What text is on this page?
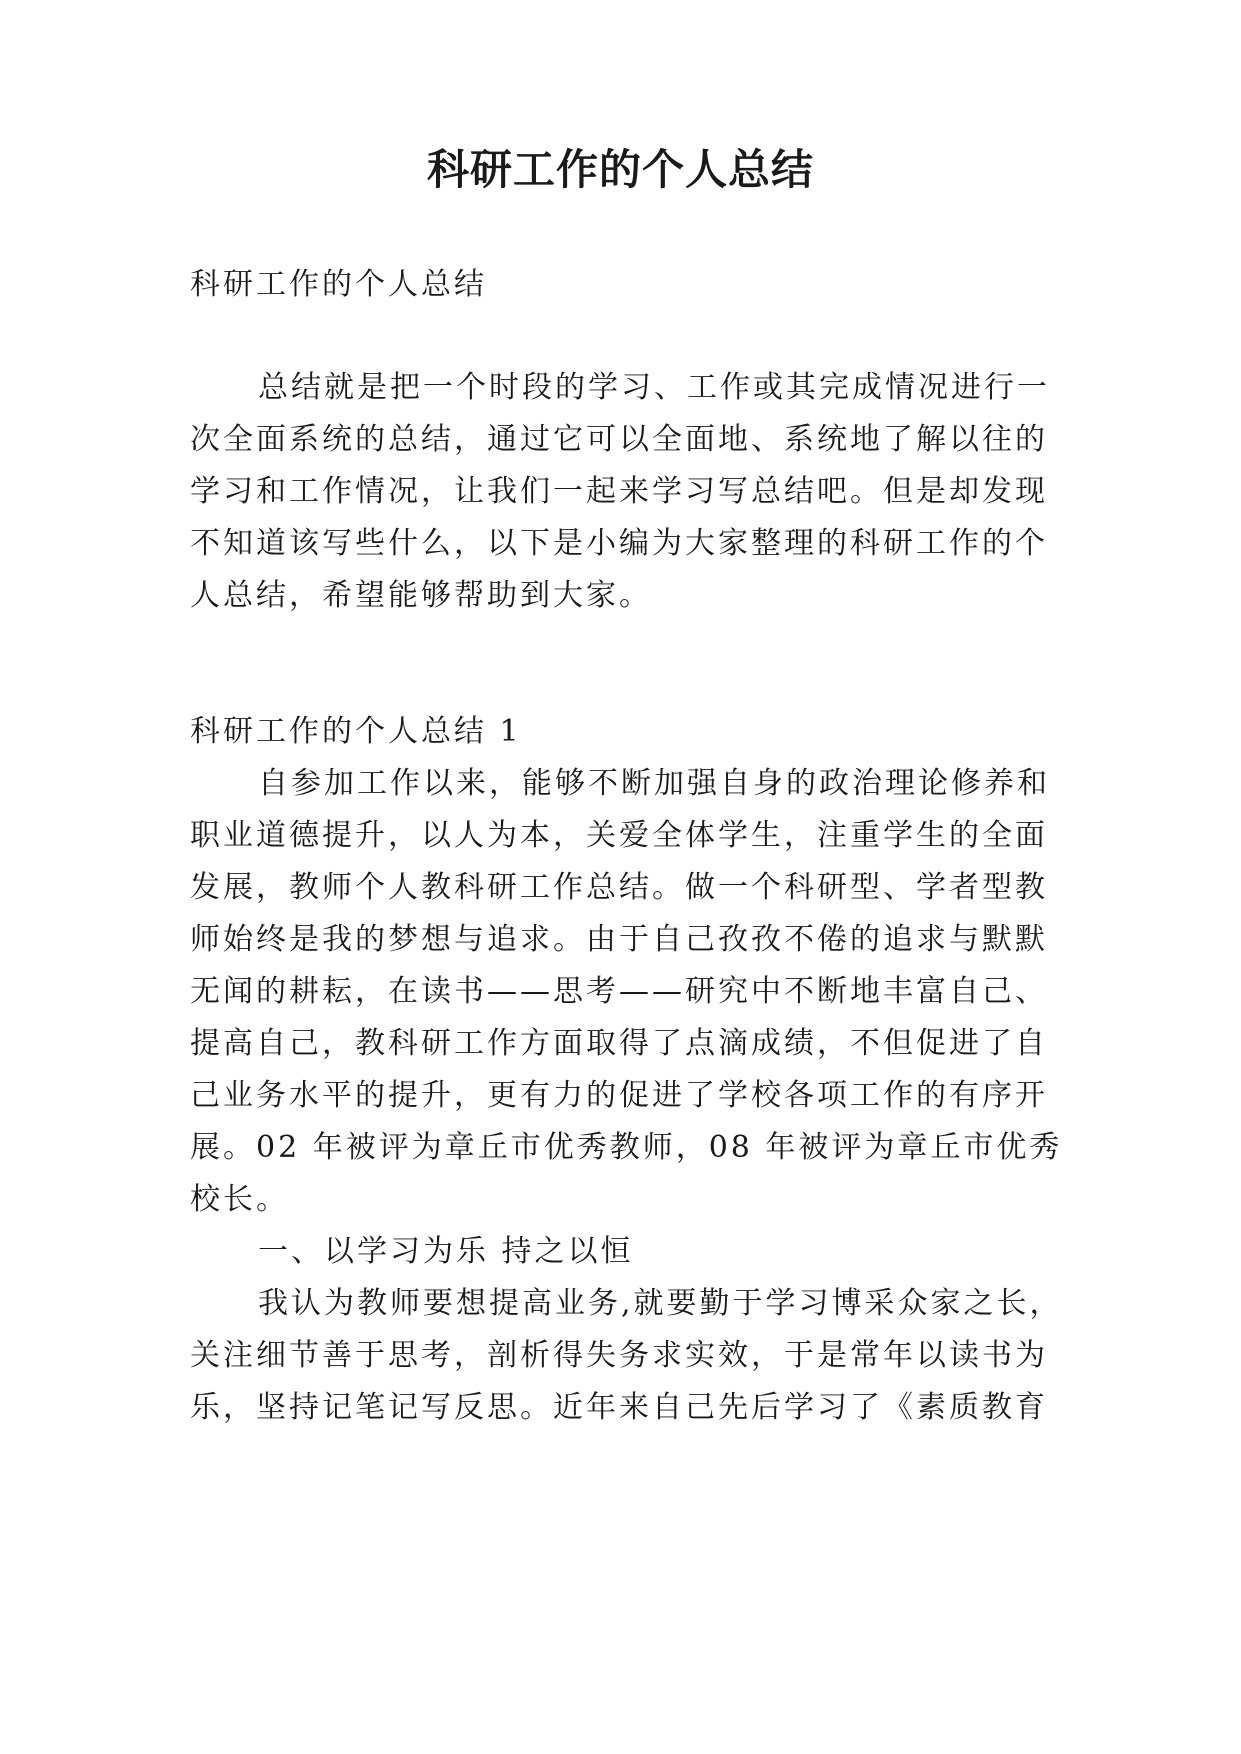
科研工作的个人总结
科研工作的个人总结
总结就是把一个时段的学习、工作或其完成情况进行一
次全面系统的总结，通过它可以全面地、系统地了解以往的
学习和工作情况，让我们一起来学习写总结吧。但是却发现
不知道该写些什么，以下是小编为大家整理的科研工作的个
人总结，希望能够帮助到大家。
科研工作的个人总结 1
自参加工作以来，能够不断加强自身的政治理论修养和
职业道德提升，以人为本，关爱全体学生，注重学生的全面
发展，教师个人教科研工作总结。做一个科研型、学者型教
师始终是我的梦想与追求。由于自己孜孜不倦的追求与默默
无闻的耕耘，在读书——思考——研究中不断地丰富自己、
提高自己，教科研工作方面取得了点滴成绩，不但促进了自
己业务水平的提升，更有力的促进了学校各项工作的有序开
展。02 年被评为章丘市优秀教师，08 年被评为章丘市优秀
校长。
一、以学习为乐 持之以恒
我认为教师要想提高业务,就要勤于学习博采众家之长，
关注细节善于思考，剖析得失务求实效，于是常年以读书为
乐，坚持记笔记写反思。近年来自己先后学习了《素质教育
